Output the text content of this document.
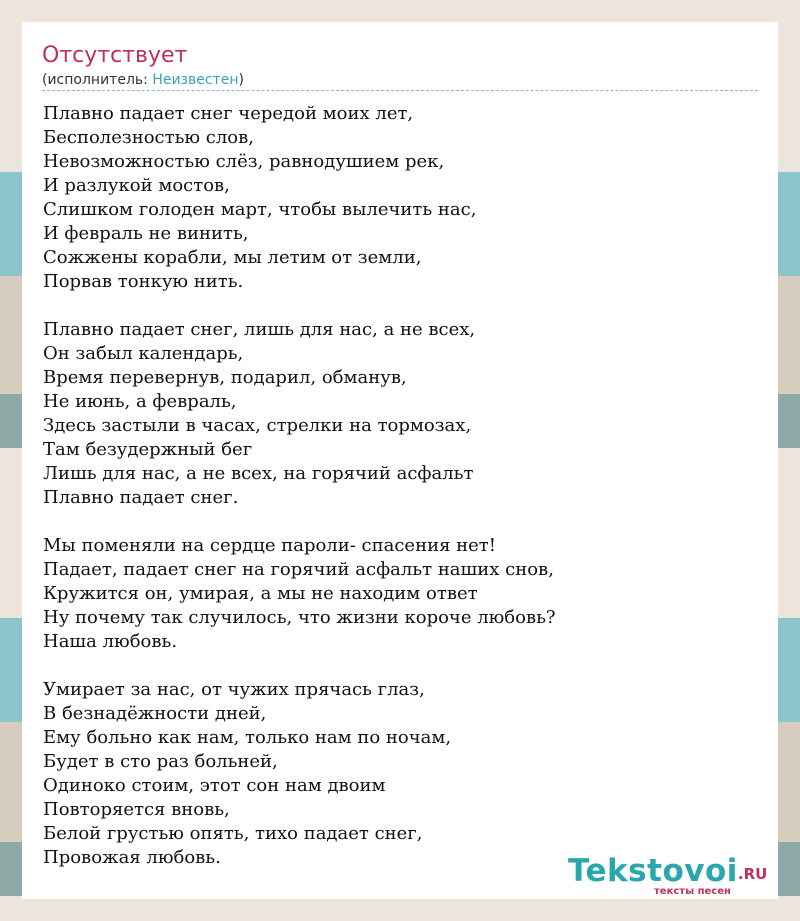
Отсутствует
(исполнитель: Неизвестен)
Плавно падает снег чередой моих лет,
Бесполезностью слов,
Невозможностью слёз, равнодушием рек,
И разлукой мостов,
Слишком голоден март, чтобы вылечить нас,
И февраль не винить,
Сожжены корабли, мы летим от земли,
Порвав тонкую нить.
Плавно падает снег, лишь для нас, а не всех,
Он забыл календарь,
Время перевернув, подарил, обманув,
Не июнь, а февраль,
Здесь застыли в часах, стрелки на тормозах,
Там безудержный бег
Лишь для нас, а не всех, на горячий асфальт
Плавно падает снег.
Мы поменяли на сердце пароли- спасения нет!
Падает, падает снег на горячий асфальт наших снов,
Кружится он, умирая, а мы не находим ответ
Ну почему так случилось, что жизни короче любовь?
Наша любовь.
Умирает за нас, от чужих прячась глаз,
В безнадёжности дней,
Ему больно как нам, только нам по ночам,
Будет в сто раз больней,
Одиноко стоим, этот сон нам двоим
Повторяется вновь,
Белой грустью опять, тихо падает снег,
Провожая любовь.	Tekstovoi.RU
тексты песен
